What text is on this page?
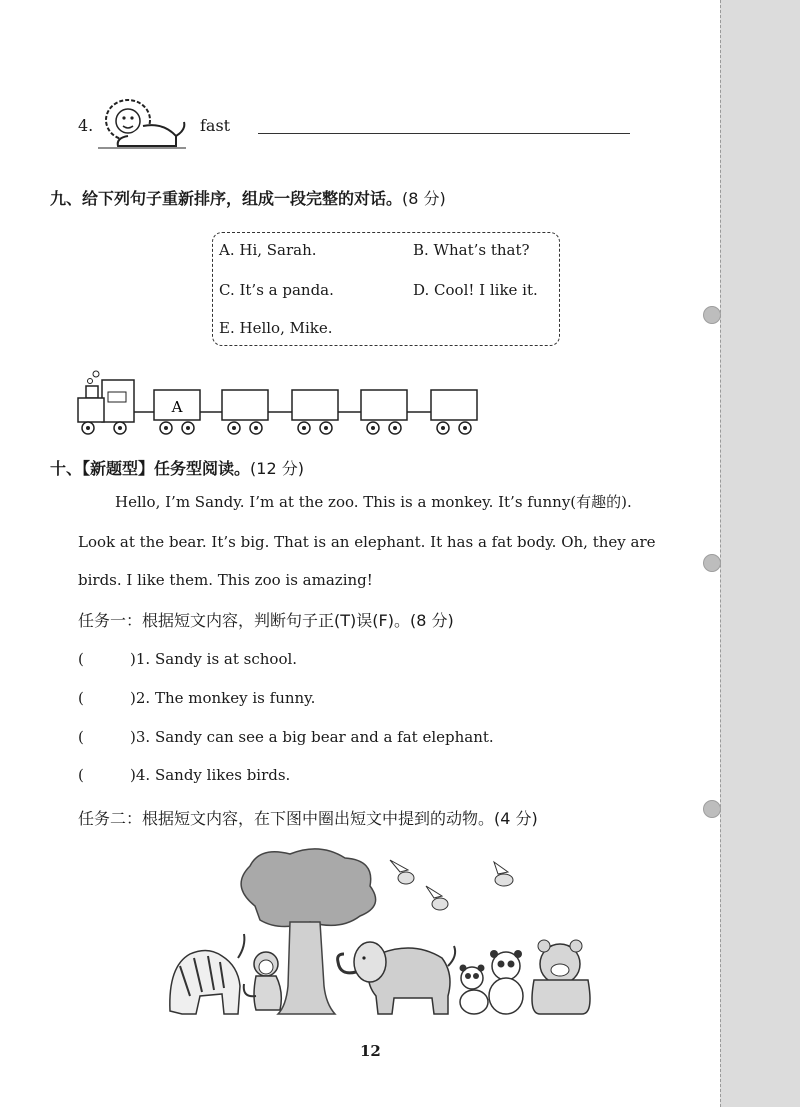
4.	fast
九、给下列句子重新排序，组成一段完整的对话。(8 分)
A. Hi, Sarah.	B. What’s that?
C. It’s a panda.	D. Cool! I like it.
E. Hello, Mike.
A
十、【新题型】任务型阅读。(12 分)
Hello, I’m Sandy. I’m at the zoo. This is a monkey. It’s funny(有趣的).
Look at the bear. It’s big. That is an elephant. It has a fat body. Oh, they are
birds. I like them. This zoo is amazing!
任务一：根据短文内容，判断句子正(T)误(F)。(8 分)
(	)1. Sandy is at school.
(	)2. The monkey is funny.
(	)3. Sandy can see a big bear and a fat elephant.
(	)4. Sandy likes birds.
任务二：根据短文内容，在下图中圈出短文中提到的动物。(4 分)
12
